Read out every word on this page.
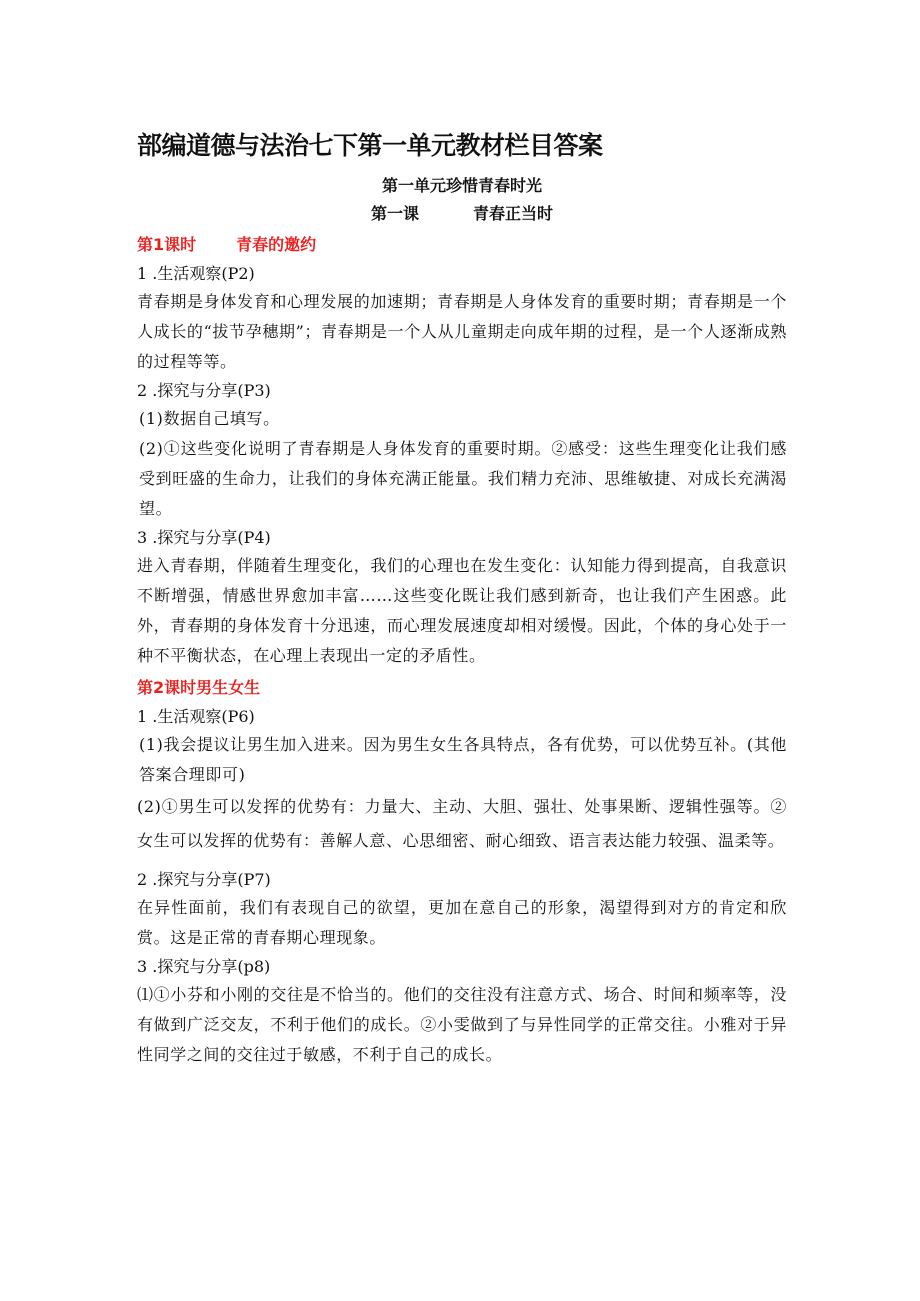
部编道德与法治七下第一单元教材栏目答案
第一单元珍惜青春时光
第一课	青春正当时
第1课时	青春的邀约
1 .生活观察(P2)
青春期是身体发育和心理发展的加速期；青春期是人身体发育的重要时期；青春期是一个人成长的“拔节孕穗期”；青春期是一个人从儿童期走向成年期的过程，是一个人逐渐成熟的过程等等。
2 .探究与分享(P3)
(1)数据自己填写。
(2)①这些变化说明了青春期是人身体发育的重要时期。②感受：这些生理变化让我们感受到旺盛的生命力，让我们的身体充满正能量。我们精力充沛、思维敏捷、对成长充满渴望。
3 .探究与分享(P4)
进入青春期，伴随着生理变化，我们的心理也在发生变化：认知能力得到提高，自我意识不断增强，情感世界愈加丰富……这些变化既让我们感到新奇，也让我们产生困惑。此外，青春期的身体发育十分迅速，而心理发展速度却相对缓慢。因此，个体的身心处于一种不平衡状态，在心理上表现出一定的矛盾性。
第2课时男生女生
1 .生活观察(P6)
(1)我会提议让男生加入进来。因为男生女生各具特点，各有优势，可以优势互补。(其他答案合理即可)
(2)①男生可以发挥的优势有：力量大、主动、大胆、强壮、处事果断、逻辑性强等。②女生可以发挥的优势有：善解人意、心思细密、耐心细致、语言表达能力较强、温柔等。
2 .探究与分享(P7)
在异性面前，我们有表现自己的欲望，更加在意自己的形象，渴望得到对方的肯定和欣赏。这是正常的青春期心理现象。
3 .探究与分享(p8)
⑴①小芬和小刚的交往是不恰当的。他们的交往没有注意方式、场合、时间和频率等，没有做到广泛交友，不利于他们的成长。②小雯做到了与异性同学的正常交往。小雅对于异性同学之间的交往过于敏感，不利于自己的成长。
